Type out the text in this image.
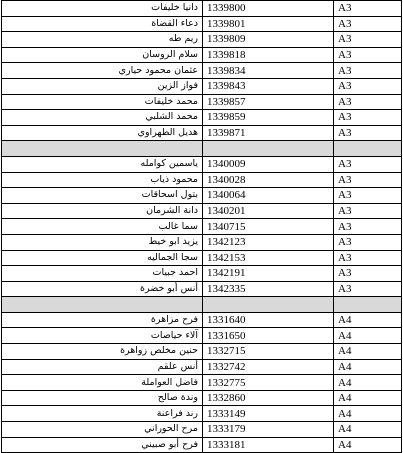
دانيا خليفات	1339800	A3
دعاء القضاة	1339801	A3
ريم طه	1339809	A3
سلام الروسان	1339818	A3
عثمان محمود حياري	1339834	A3
فواز الزين	1339843	A3
محمد خليفات	1339857	A3
محمد الشلبي	1339859	A3
هديل الطهراوي	1339871	A3

ياسمين كوامله	1340009	A3
محمود ذياب	1340028	A3
بتول اسحاقات	1340064	A3
دانة الشرمان	1340201	A3
سما غالب	1340715	A3
يزيد ابو خيط	1342123	A3
سجا الجماليه	1342153	A3
احمد جبيات	1342191	A3
أنس أبو خضرة	1342335	A3

فرح مزاهرة	1331640	A4
آلاء حياصات	1331650	A4
حنين مخلص زواهرة	1332715	A4
أنس علقم	1332742	A4
فاضل العواملة	1332775	A4
وندة صالح	1332860	A4
رند فراعنة	1333149	A4
مرح الحوراني	1333179	A4
فرح أبو صبيني	1333181	A4
